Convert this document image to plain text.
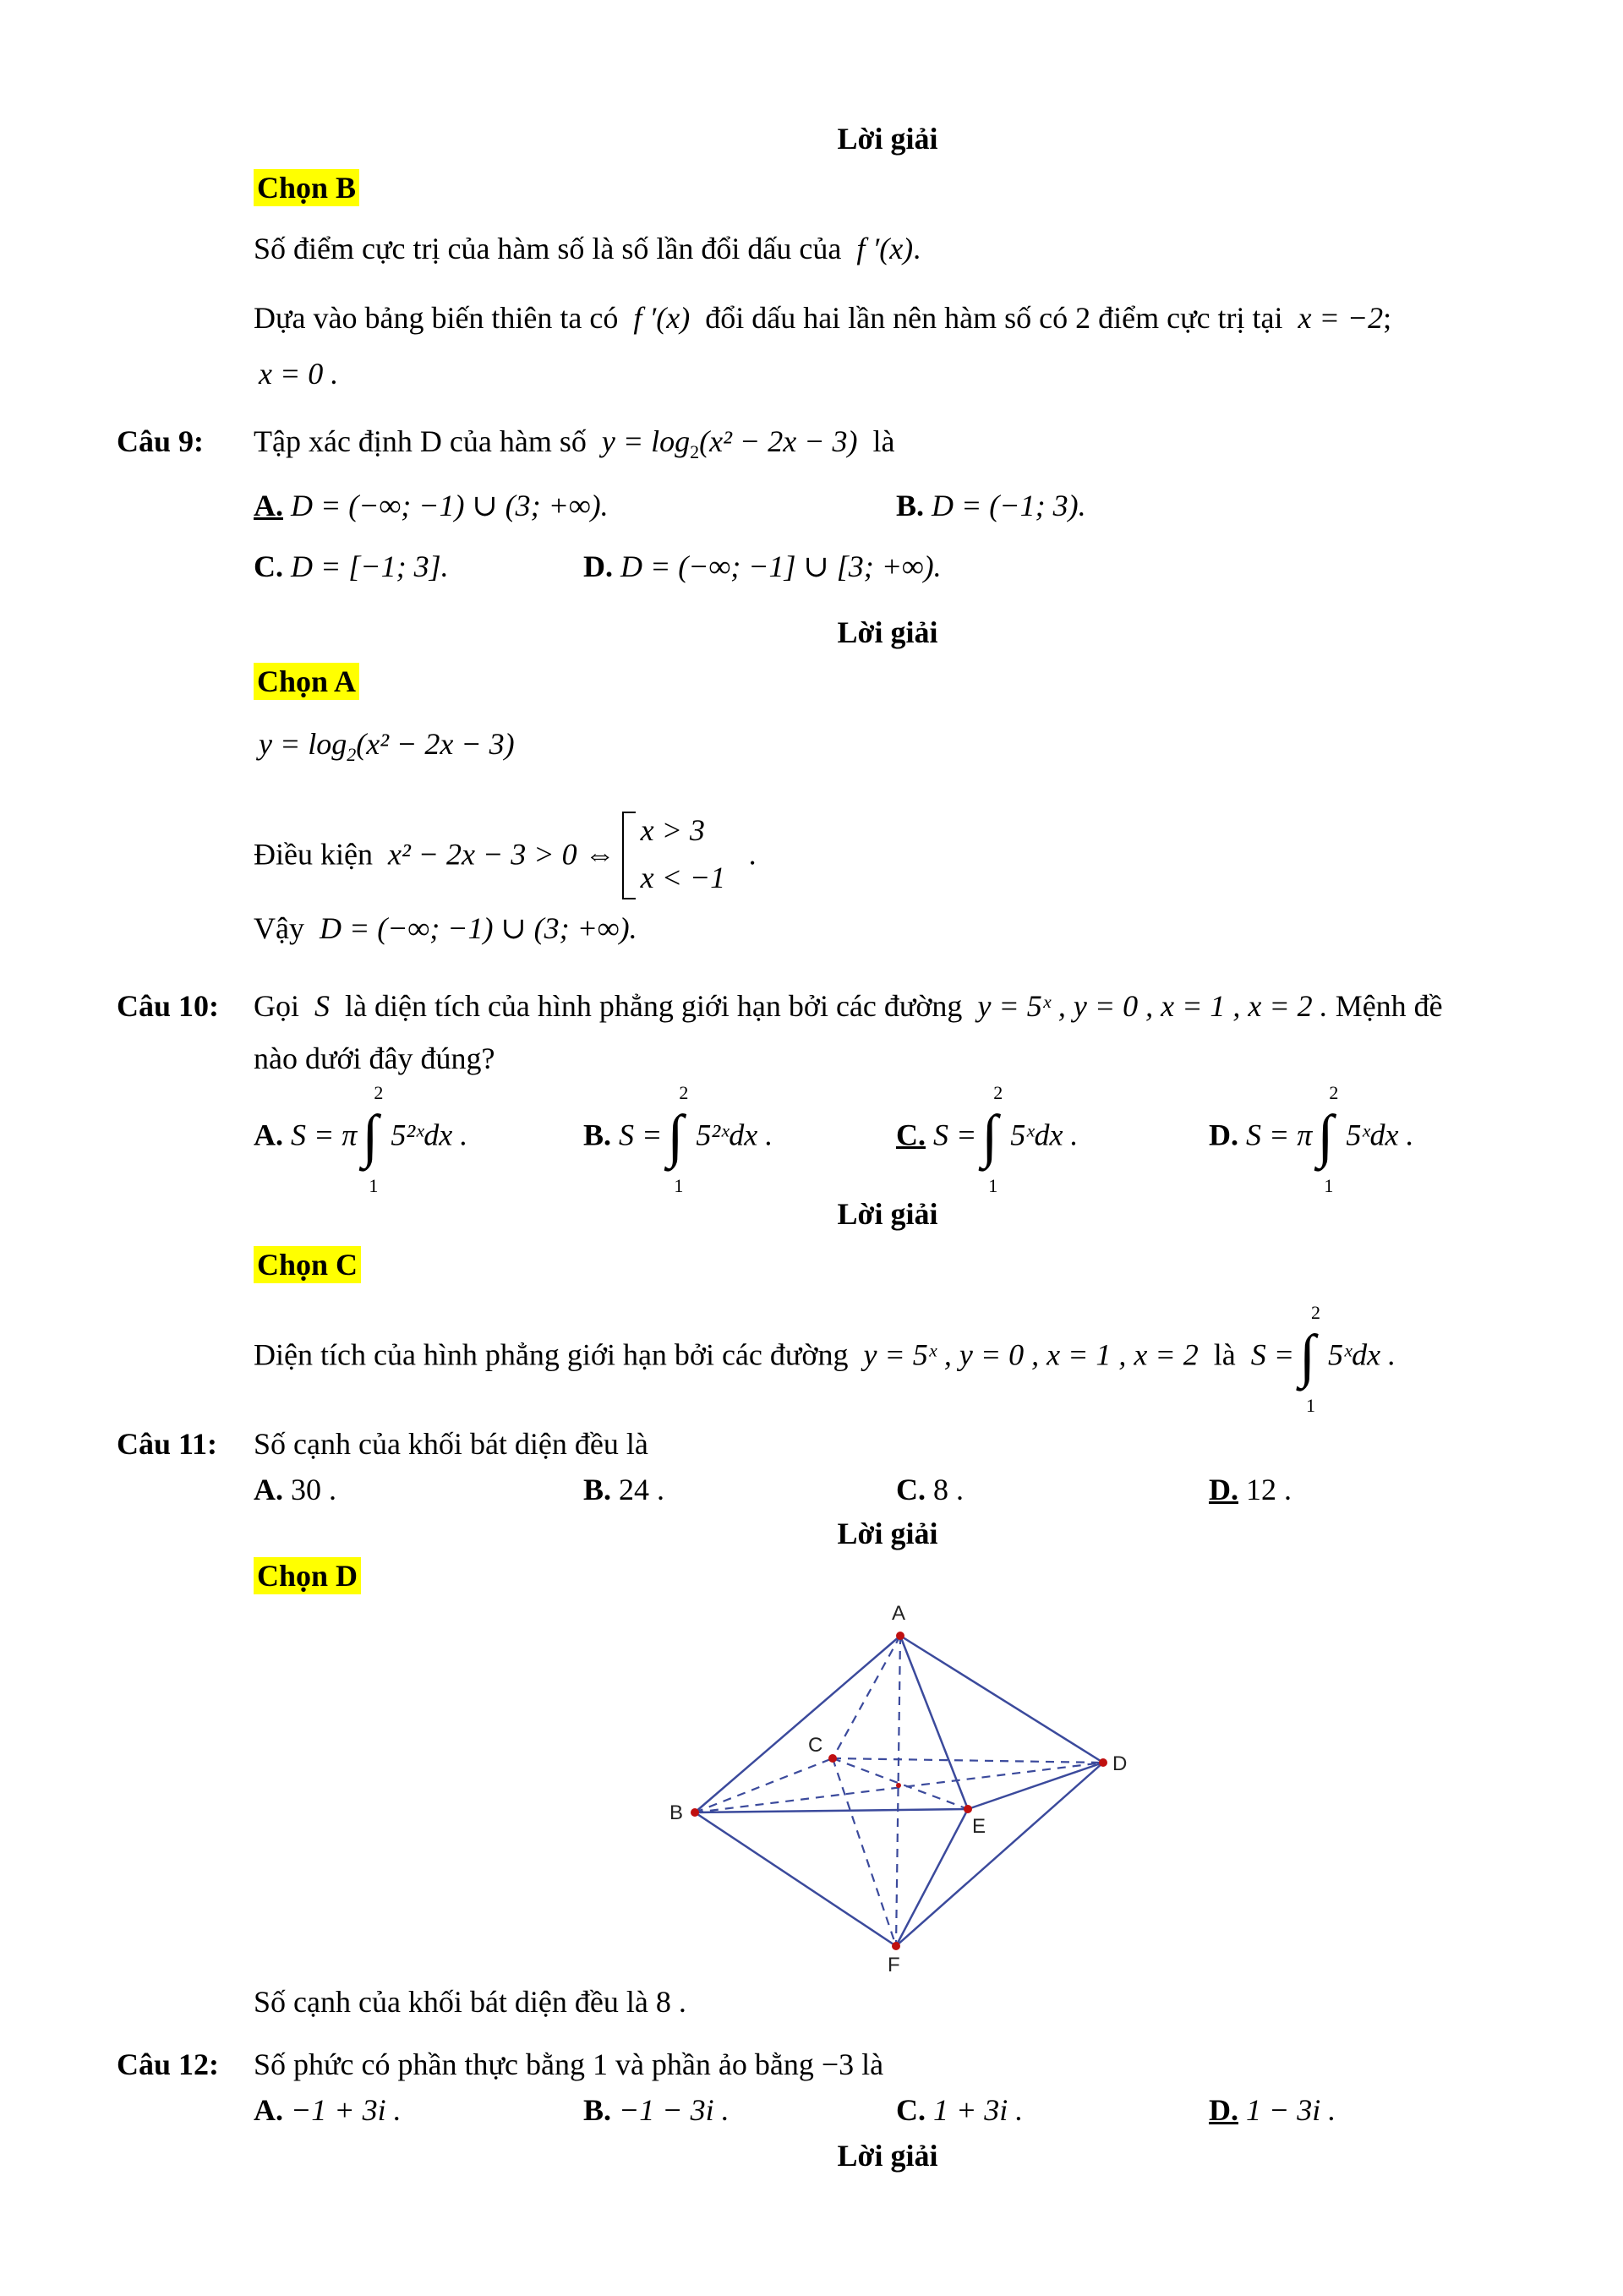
Lời giải
Chọn B
Số điểm cực trị của hàm số là số lần đổi dấu của f ′(x).
Dựa vào bảng biến thiên ta có f ′(x) đổi dấu hai lần nên hàm số có 2 điểm cực trị tại x = −2;
x = 0 .
Câu 9: Tập xác định D của hàm số $y = \log_2(x^2 - 2x - 3)$ là
A. D = (−∞; −1) ∪ (3; +∞).	B. D = (−1; 3).
C. D = [−1; 3].	D. D = (−∞; −1] ∪ [3; +∞).
Lời giải
Chọn A
$y = \log_2(x^2 - 2x - 3)$
Điều kiện x² − 2x − 3 > 0 ⇔
x > 3
x < −1
.
Vậy D = (−∞; −1) ∪ (3; +∞).
Câu 10: Gọi S là diện tích của hình phẳng giới hạn bởi các đường y = 5ˣ , y = 0 , x = 1 , x = 2 . Mệnh đề
nào dưới đây đúng?
A. S = π ∫
2
1
5²ˣdx .	B. S = ∫
2
1
5²ˣdx .	C. S = ∫
2
1
5ˣdx .	D. S = π ∫
2
1
5ˣdx .
Lời giải
Chọn C
Diện tích của hình phẳng giới hạn bởi các đường y = 5ˣ , y = 0 , x = 1 , x = 2 là S = ∫
2
1
5ˣdx .
Câu 11: Số cạnh của khối bát diện đều là
A. 30 .	B. 24 .	C. 8 .	D. 12 .
Lời giải
Chọn D
A
B
C
D
E
F
Số cạnh của khối bát diện đều là 8 .
Câu 12: Số phức có phần thực bằng 1 và phần ảo bằng −3 là
A. −1 + 3i .	B. −1 − 3i .	C. 1 + 3i .	D. 1 − 3i .
Lời giải
